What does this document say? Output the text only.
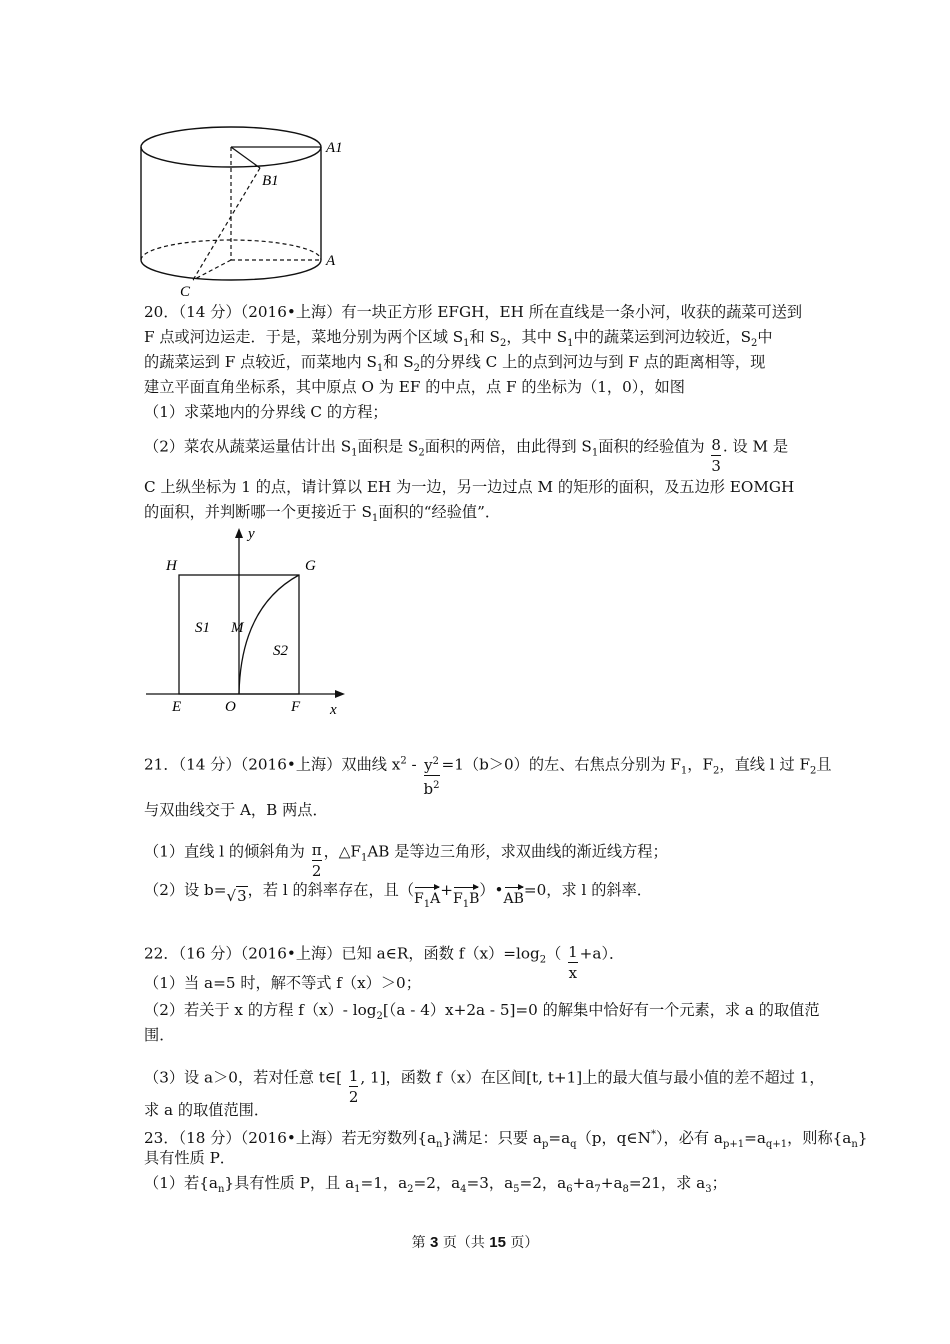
A1
B1
A
C
20．（14 分）（2016•上海）有一块正方形 EFGH，EH 所在直线是一条小河，收获的蔬菜可送到
F 点或河边运走．于是，菜地分别为两个区域 $S_1$和 $S_2$，其中 $S_1$中的蔬菜运到河边较近，$S_2$中
的蔬菜运到 F 点较近，而菜地内 $S_1$和 $S_2$的分界线 C 上的点到河边与到 F 点的距离相等，现
建立平面直角坐标系，其中原点 O 为 EF 的中点，点 F 的坐标为（1，0），如图
（1）求菜地内的分界线 C 的方程；
（2）菜农从蔬菜运量估计出 $S_1$面积是 $S_2$面积的两倍，由此得到 $S_1$面积的经验值为 $\frac{8}{3}$ . 设 M 是
C 上纵坐标为 1 的点，请计算以 EH 为一边，另一边过点 M 的矩形的面积，及五边形 EOMGH
的面积，并判断哪一个更接近于 $S_1$面积的“经验值”．
y
H	G
S1 M
S2
E	O	F x
21．（14 分）（2016•上海）双曲线 $x^2 - \frac{y^2}{b^2} =1(b>0)$的左、右焦点分别为 $F_1$，$F_2$，直线 l 过 $F_2$且
与双曲线交于 A，B 两点．
（1）直线 l 的倾斜角为 $\frac{\pi}{2}$ ，$\triangle F_1AB$ 是等边三角形，求双曲线的渐近线方程；
（2）设 b=√3，若 l 的斜率存在，且$(F_1A+F_1B)•AB=0$，求 l 的斜率．
22．（16 分）（2016•上海）已知 a∈R，函数 $f(x)=\log_2( \frac{1}{x} +a)$．
（1）当 a=5 时，解不等式 f（x）＞0；
（2）若关于 x 的方程 f（x）- $\log_2[(a - 4)x+2a - 5]=0$ 的解集中恰好有一个元素，求 a 的取值范
围．
（3）设 a＞0，若对任意 t∈[ $\frac{1}{2}$ , 1]，函数 f（x）在区间[t, t+1]上的最大值与最小值的差不超过 1，
求 a 的取值范围．
23．（18 分）（2016•上海）若无穷数列$\{a_n\}$满足：只要 $a_p=a_q(p$，q∈N*），必有 $a_{p+1}=a_{q+1}$，则称$\{a_n\}$
具有性质 P．
（1）若$\{a_n\}$具有性质 P，且 $a_1=1$，$a_2=2$，$a_4=3$，$a_5=2$，$a_6+a_7+a_8=21$，求 $a_3$；
第 3 页（共 15 页）
